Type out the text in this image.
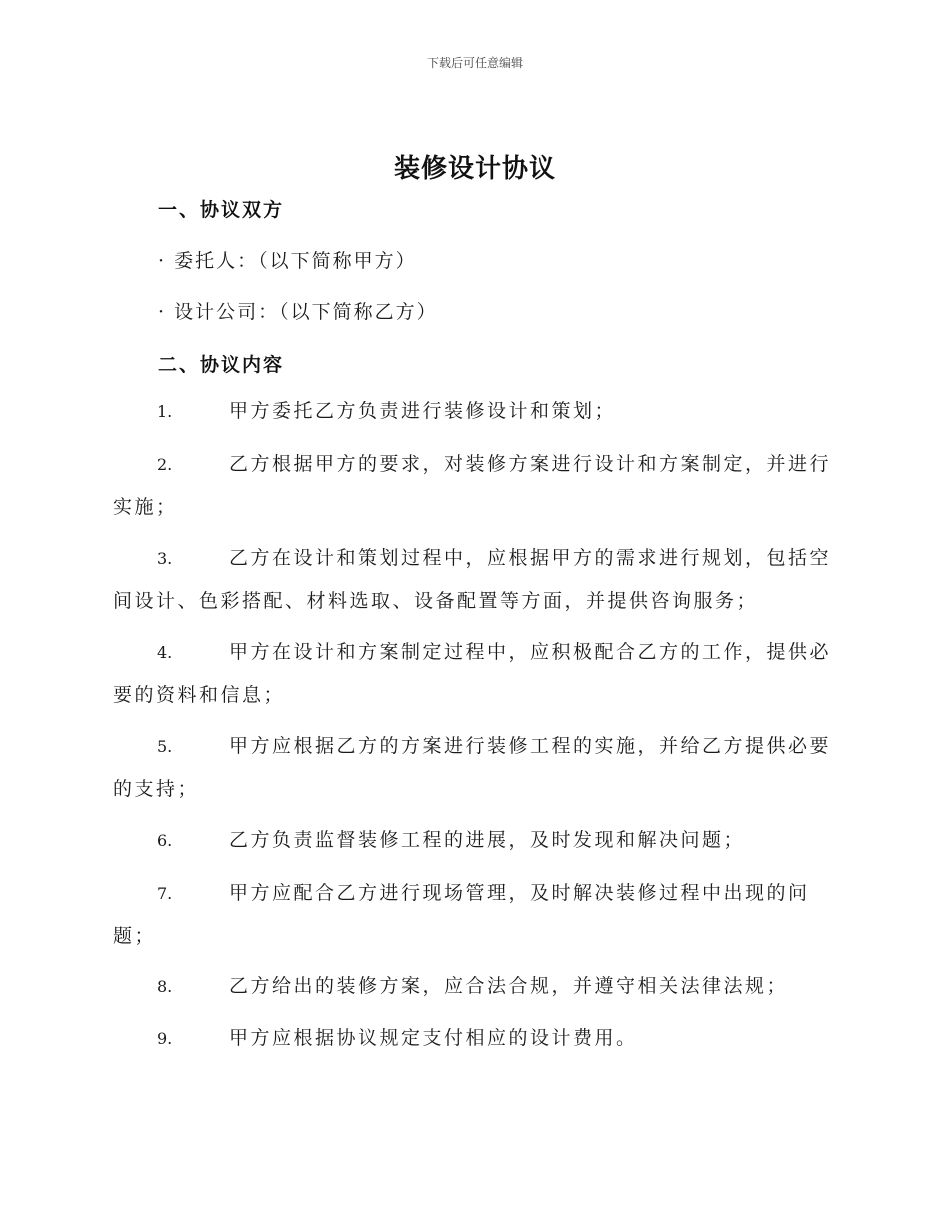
下载后可任意编辑
装修设计协议
一、协议双方
· 委托人：（以下简称甲方）
· 设计公司：（以下简称乙方）
二、协议内容
1.	甲方委托乙方负责进行装修设计和策划；
2.	乙方根据甲方的要求，对装修方案进行设计和方案制定，并进行
实施；
3.	乙方在设计和策划过程中，应根据甲方的需求进行规划，包括空
间设计、色彩搭配、材料选取、设备配置等方面，并提供咨询服务；
4.	甲方在设计和方案制定过程中，应积极配合乙方的工作，提供必
要的资料和信息；
5.	甲方应根据乙方的方案进行装修工程的实施，并给乙方提供必要
的支持；
6.	乙方负责监督装修工程的进展，及时发现和解决问题；
7.	甲方应配合乙方进行现场管理，及时解决装修过程中出现的问
题；
8.	乙方给出的装修方案，应合法合规，并遵守相关法律法规；
9.	甲方应根据协议规定支付相应的设计费用。
